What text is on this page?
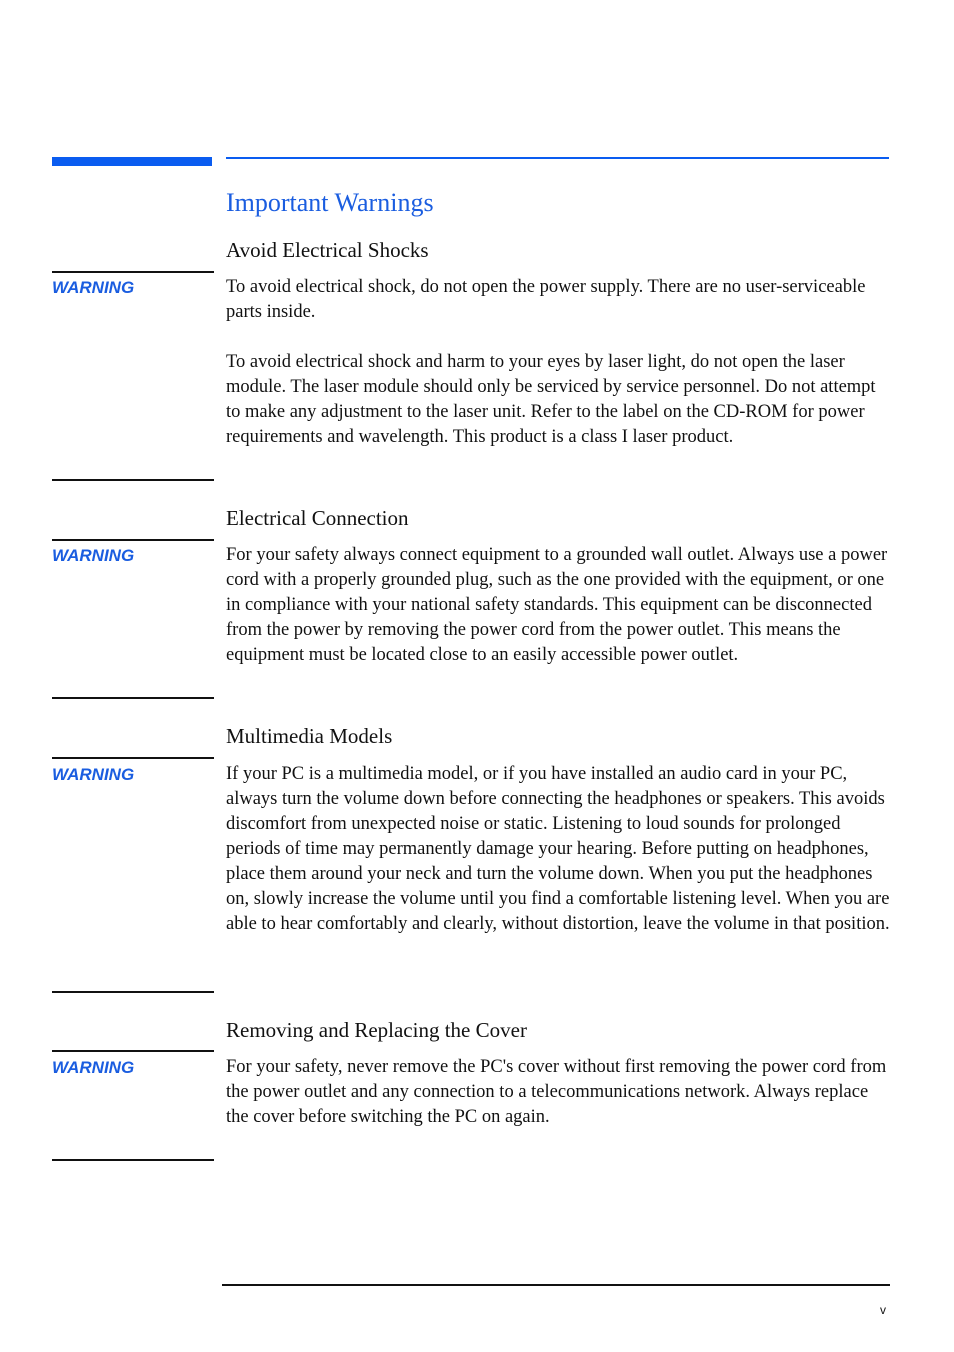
Important Warnings
Avoid Electrical Shocks
WARNING	To avoid electrical shock, do not open the power supply. There are no user-serviceable parts inside.

To avoid electrical shock and harm to your eyes by laser light, do not open the laser module. The laser module should only be serviced by service personnel. Do not attempt to make any adjustment to the laser unit. Refer to the label on the CD-ROM for power requirements and wavelength. This product is a class I laser product.

Electrical Connection
WARNING	For your safety always connect equipment to a grounded wall outlet. Always use a power cord with a properly grounded plug, such as the one provided with the equipment, or one in compliance with your national safety standards. This equipment can be disconnected from the power by removing the power cord from the power outlet. This means the equipment must be located close to an easily accessible power outlet.

Multimedia Models
WARNING	If your PC is a multimedia model, or if you have installed an audio card in your PC, always turn the volume down before connecting the headphones or speakers. This avoids discomfort from unexpected noise or static. Listening to loud sounds for prolonged periods of time may permanently damage your hearing. Before putting on headphones, place them around your neck and turn the volume down. When you put the headphones on, slowly increase the volume until you find a comfortable listening level. When you are able to hear comfortably and clearly, without distortion, leave the volume in that position.

Removing and Replacing the Cover
WARNING	For your safety, never remove the PC's cover without first removing the power cord from the power outlet and any connection to a telecommunications network. Always replace the cover before switching the PC on again.

v
